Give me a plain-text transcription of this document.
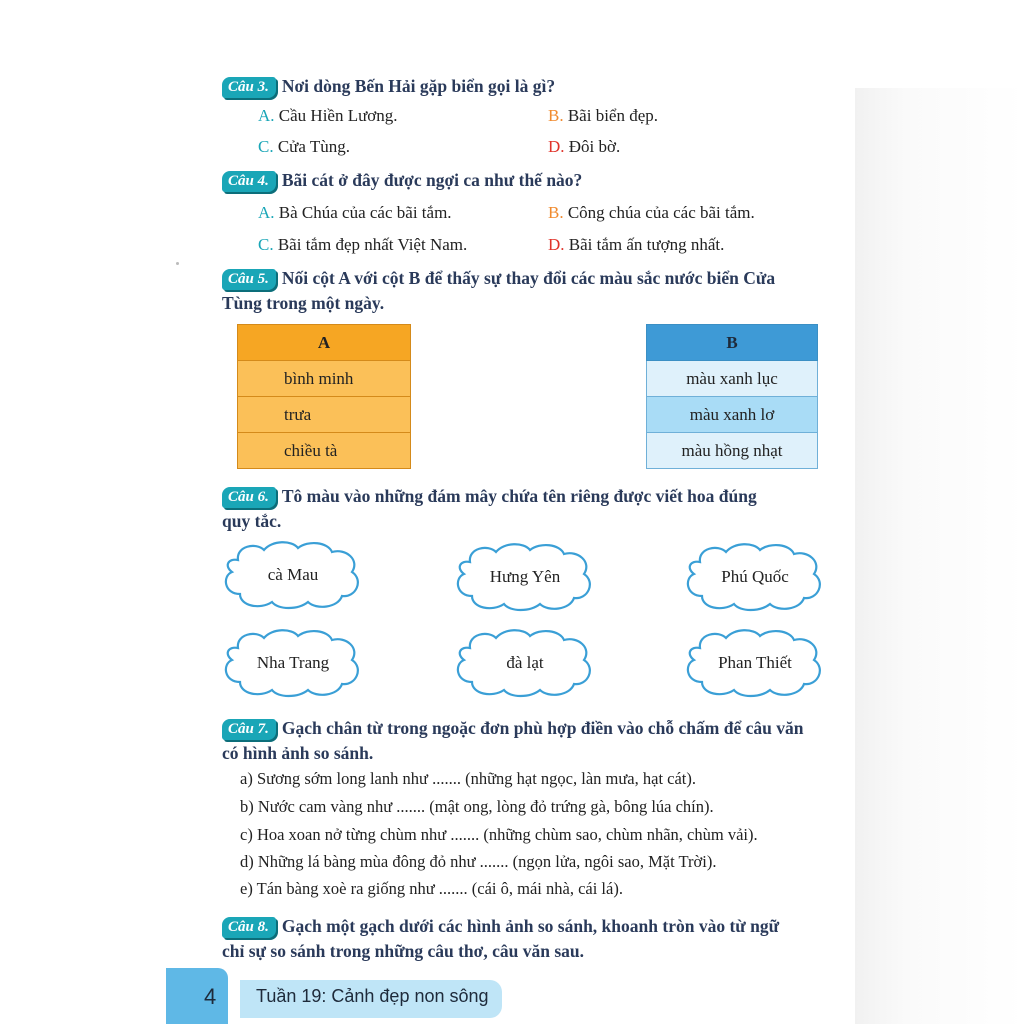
Câu 3. Nơi dòng Bến Hải gặp biển gọi là gì?
A. Cầu Hiền Lương.	B. Bãi biển đẹp.
C. Cửa Tùng.	D. Đôi bờ.
Câu 4. Bãi cát ở đây được ngợi ca như thế nào?
A. Bà Chúa của các bãi tắm.	B. Công chúa của các bãi tắm.
C. Bãi tắm đẹp nhất Việt Nam.	D. Bãi tắm ấn tượng nhất.
Câu 5. Nối cột A với cột B để thấy sự thay đổi các màu sắc nước biển Cửa
Tùng trong một ngày.
A
bình minh
trưa
chiều tà
B
màu xanh lục
màu xanh lơ
màu hồng nhạt
Câu 6. Tô màu vào những đám mây chứa tên riêng được viết hoa đúng
quy tắc.
cà Mau	Hưng Yên	Phú Quốc
Nha Trang	đà lạt	Phan Thiết
Câu 7. Gạch chân từ trong ngoặc đơn phù hợp điền vào chỗ chấm để câu văn
có hình ảnh so sánh.
a) Sương sớm long lanh như ....... (những hạt ngọc, làn mưa, hạt cát).
b) Nước cam vàng như ....... (mật ong, lòng đỏ trứng gà, bông lúa chín).
c) Hoa xoan nở từng chùm như ....... (những chùm sao, chùm nhãn, chùm vải).
d) Những lá bàng mùa đông đỏ như ....... (ngọn lửa, ngôi sao, Mặt Trời).
e) Tán bàng xoè ra giống như ....... (cái ô, mái nhà, cái lá).
Câu 8. Gạch một gạch dưới các hình ảnh so sánh, khoanh tròn vào từ ngữ
chỉ sự so sánh trong những câu thơ, câu văn sau.
4 Tuần 19: Cảnh đẹp non sông
